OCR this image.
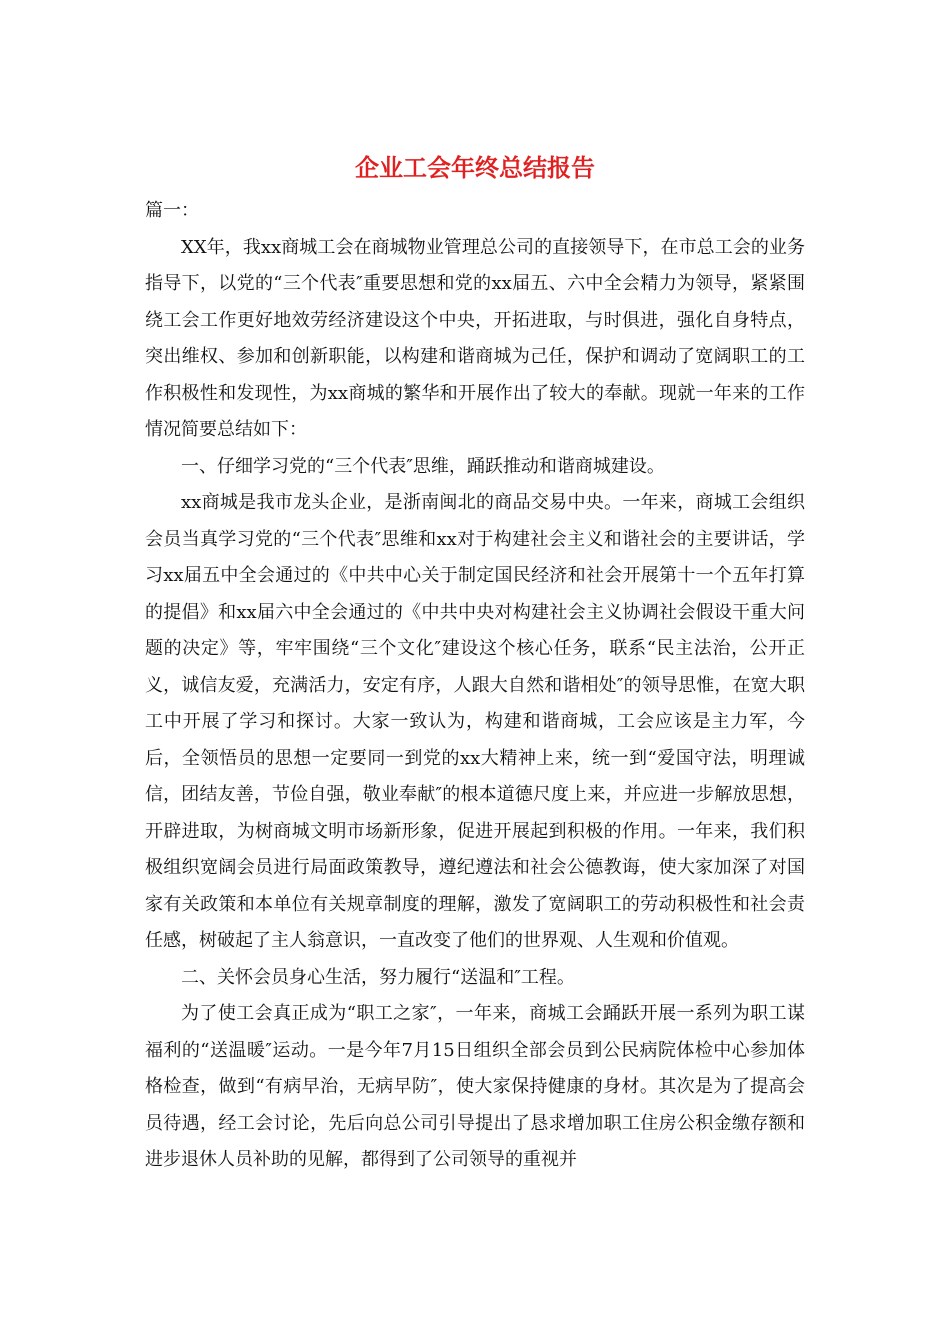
企业工会年终总结报告

篇一：

XX年，我xx商城工会在商城物业管理总公司的直接领导下，在市总工会的业务指导下，以党的“三个代表″重要思想和党的xx届五、六中全会精力为领导，紧紧围绕工会工作更好地效劳经济建设这个中央，开拓进取，与时俱进，强化自身特点，突出维权、参加和创新职能，以构建和谐商城为己任，保护和调动了宽阔职工的工作积极性和发现性，为xx商城的繁华和开展作出了较大的奉献。现就一年来的工作情况简要总结如下：

一、仔细学习党的“三个代表″思维，踊跃推动和谐商城建设。

xx商城是我市龙头企业，是浙南闽北的商品交易中央。一年来，商城工会组织会员当真学习党的“三个代表″思维和xx对于构建社会主义和谐社会的主要讲话，学习xx届五中全会通过的《中共中心关于制定国民经济和社会开展第十一个五年打算的提倡》和xx届六中全会通过的《中共中央对构建社会主义协调社会假设干重大问题的决定》等，牢牢围绕“三个文化″建设这个核心任务，联系“民主法治，公开正义，诚信友爱，充满活力，安定有序，人跟大自然和谐相处″的领导思惟，在宽大职工中开展了学习和探讨。大家一致认为，构建和谐商城，工会应该是主力军，今后，全领悟员的思想一定要同一到党的xx大精神上来，统一到“爱国守法，明理诚信，团结友善，节俭自强，敬业奉献″的根本道德尺度上来，并应进一步解放思想，开辟进取，为树商城文明市场新形象，促进开展起到积极的作用。一年来，我们积极组织宽阔会员进行局面政策教导，遵纪遵法和社会公德教诲，使大家加深了对国家有关政策和本单位有关规章制度的理解，激发了宽阔职工的劳动积极性和社会责任感，树破起了主人翁意识，一直改变了他们的世界观、人生观和价值观。

二、关怀会员身心生活，努力履行“送温和″工程。

为了使工会真正成为“职工之家″，一年来，商城工会踊跃开展一系列为职工谋福利的“送温暖″运动。一是今年7月15日组织全部会员到公民病院体检中心参加体格检查，做到“有病早治，无病早防″，使大家保持健康的身材。其次是为了提高会员待遇，经工会讨论，先后向总公司引导提出了恳求增加职工住房公积金缴存额和进步退休人员补助的见解，都得到了公司领导的重视并
